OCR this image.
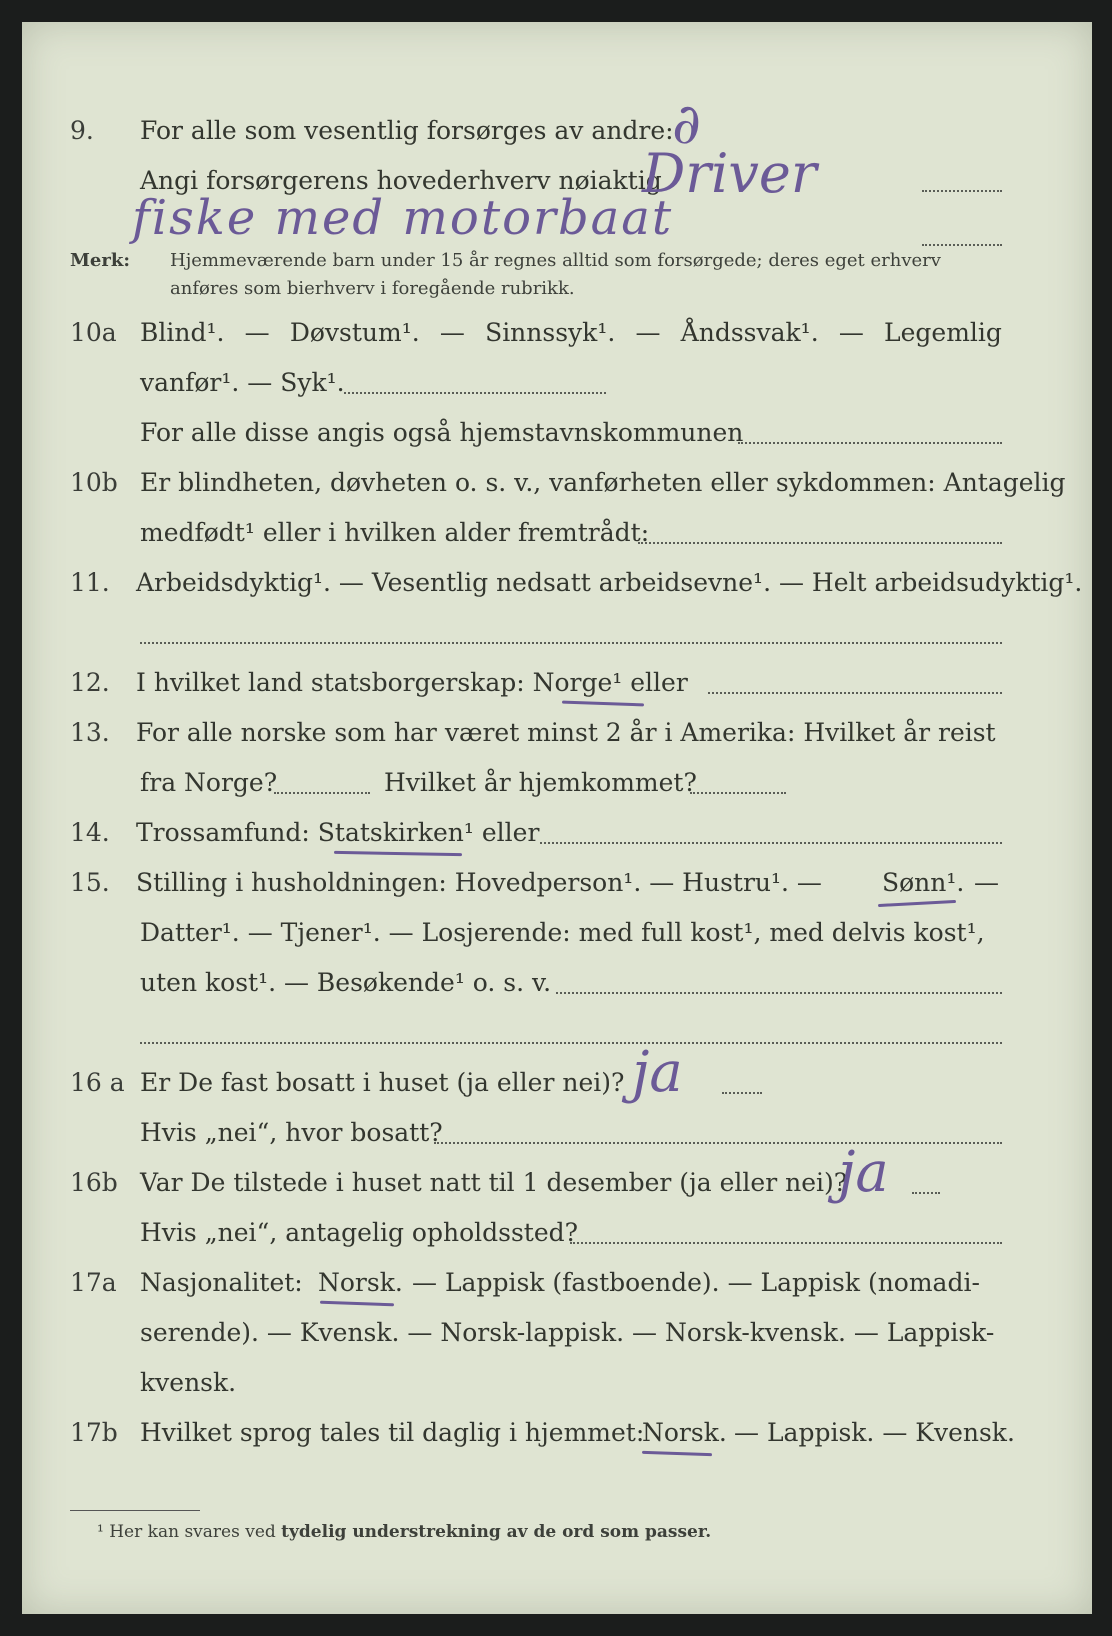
9. For alle som vesentlig forsørges av andre:
∂
Angi forsørgerens hovederhverv nøiaktig
Driver
fiske med motorbaat
Merk: Hjemmeværende barn under 15 år regnes alltid som forsørgede; deres eget erhverv
anføres som bierhverv i foregående rubrikk.
10a Blind¹. — Døvstum¹. — Sinnssyk¹. — Åndssvak¹. — Legemlig
vanfør¹. — Syk¹.
For alle disse angis også hjemstavnskommunen
10b Er blindheten, døvheten o. s. v., vanførheten eller sykdommen: Antagelig
medfødt¹ eller i hvilken alder fremtrådt:
11. Arbeidsdyktig¹. — Vesentlig nedsatt arbeidsevne¹. — Helt arbeidsudyktig¹.
12. I hvilket land statsborgerskap: Norge¹ eller
13. For alle norske som har været minst 2 år i Amerika: Hvilket år reist
fra Norge?	Hvilket år hjemkommet?
14. Trossamfund: Statskirken¹ eller
15. Stilling i husholdningen: Hovedperson¹. — Hustru¹. — Sønn¹. —
Datter¹. — Tjener¹. — Losjerende: med full kost¹, med delvis kost¹,
uten kost¹. — Besøkende¹ o. s. v.
16 a Er De fast bosatt i huset (ja eller nei)? ja
Hvis „nei“, hvor bosatt?
16b Var De tilstede i huset natt til 1 desember (ja eller nei)?
ja
Hvis „nei“, antagelig opholdssted?
17a Nasjonalitet: Norsk. — Lappisk (fastboende). — Lappisk (nomadi-
serende). — Kvensk. — Norsk-lappisk. — Norsk-kvensk. — Lappisk-
kvensk.
17b Hvilket sprog tales til daglig i hjemmet:
Norsk. — Lappisk. — Kvensk.
¹ Her kan svares ved tydelig understrekning av de ord som passer.
